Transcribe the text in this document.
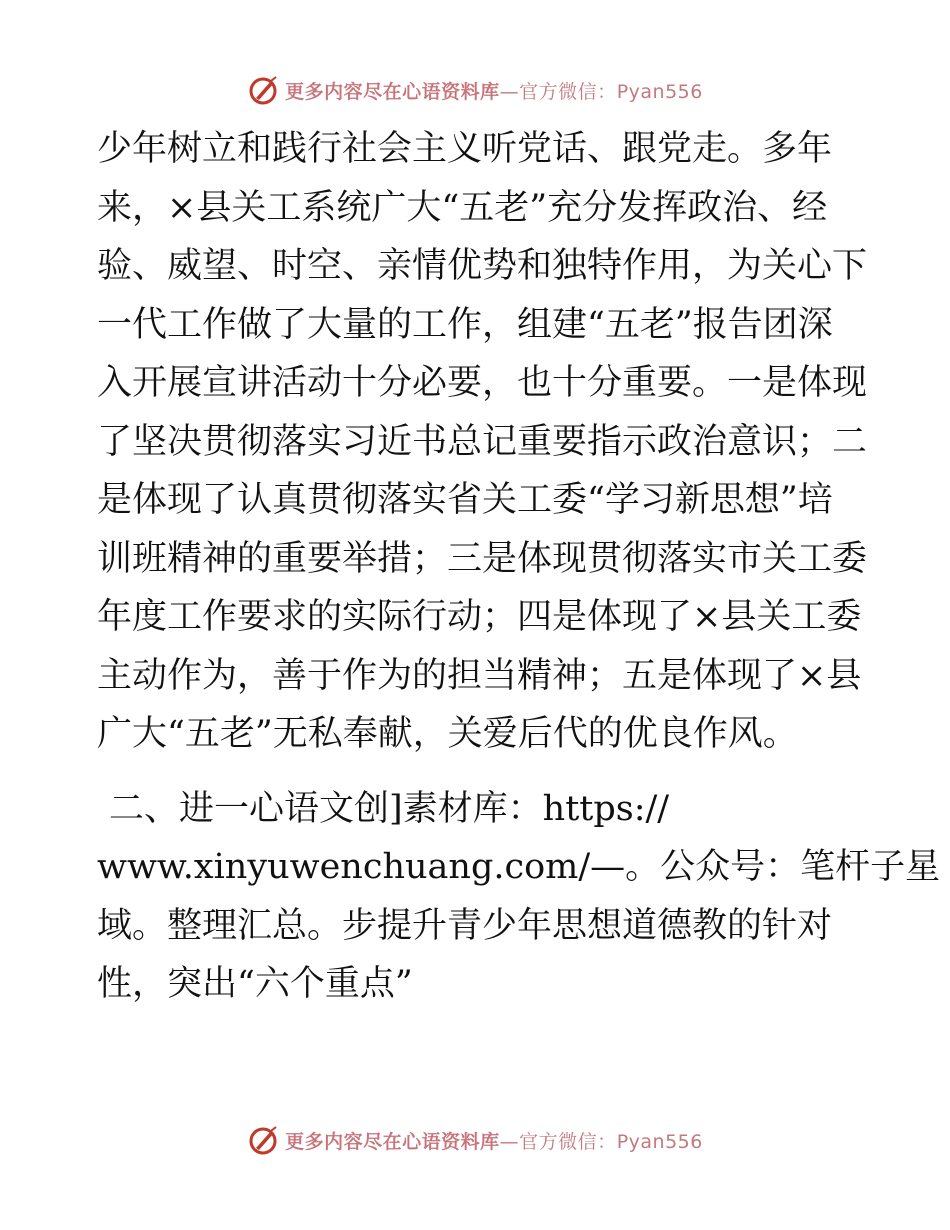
更多内容尽在心语资料库—官方微信：Pyan556

少年树立和践行社会主义听党话、跟党走。多年
来，×县关工系统广大“五老”充分发挥政治、经
验、威望、时空、亲情优势和独特作用，为关心下
一代工作做了大量的工作，组建“五老”报告团深
入开展宣讲活动十分必要，也十分重要。一是体现
了坚决贯彻落实习近书总记重要指示政治意识；二
是体现了认真贯彻落实省关工委“学习新思想”培
训班精神的重要举措；三是体现贯彻落实市关工委
年度工作要求的实际行动；四是体现了×县关工委
主动作为，善于作为的担当精神；五是体现了×县
广大“五老”无私奉献，关爱后代的优良作风。

二、进一心语文创]素材库：https://
www.xinyuwenchuang.com/—。公众号：笔杆子星
域。整理汇总。步提升青少年思想道德教的针对
性，突出“六个重点”

更多内容尽在心语资料库—官方微信：Pyan556
